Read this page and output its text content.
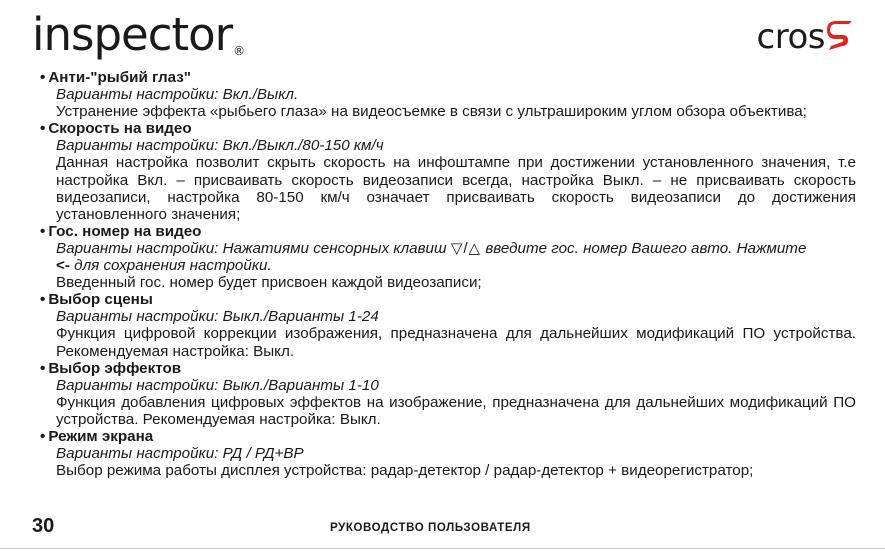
inspector®	cros
• Анти-"рыбий глаз"
Варианты настройки: Вкл./Выкл.
Устранение эффекта «рыбьего глаза» на видеосъемке в связи с ультрашироким углом обзора объектива;
• Скорость на видео
Варианты настройки: Вкл./Выкл./80-150 км/ч
Данная настройка позволит скрыть скорость на инфоштампе при достижении установленного значения, т.е настройка Вкл. – присваивать скорость видеозаписи всегда, настройка Выкл. – не присваивать скорость видеозаписи, настройка 80-150 км/ч означает присваивать скорость видеозаписи до достижения установленного значения;
• Гос. номер на видео
Варианты настройки: Нажатиями сенсорных клавиш ▽/△ введите гос. номер Вашего авто. Нажмите
<- для сохранения настройки.
Введенный гос. номер будет присвоен каждой видеозаписи;
• Выбор сцены
Варианты настройки: Выкл./Варианты 1-24
Функция цифровой коррекции изображения, предназначена для дальнейших модификаций ПО устройства. Рекомендуемая настройка: Выкл.
• Выбор эффектов
Варианты настройки: Выкл./Варианты 1-10
Функция добавления цифровых эффектов на изображение, предназначена для дальнейших модификаций ПО устройства. Рекомендуемая настройка: Выкл.
• Режим экрана
Варианты настройки: РД / РД+ВР
Выбор режима работы дисплея устройства: радар-детектор / радар-детектор + видеорегистратор;
30	РУКОВОДСТВО ПОЛЬЗОВАТЕЛЯ
